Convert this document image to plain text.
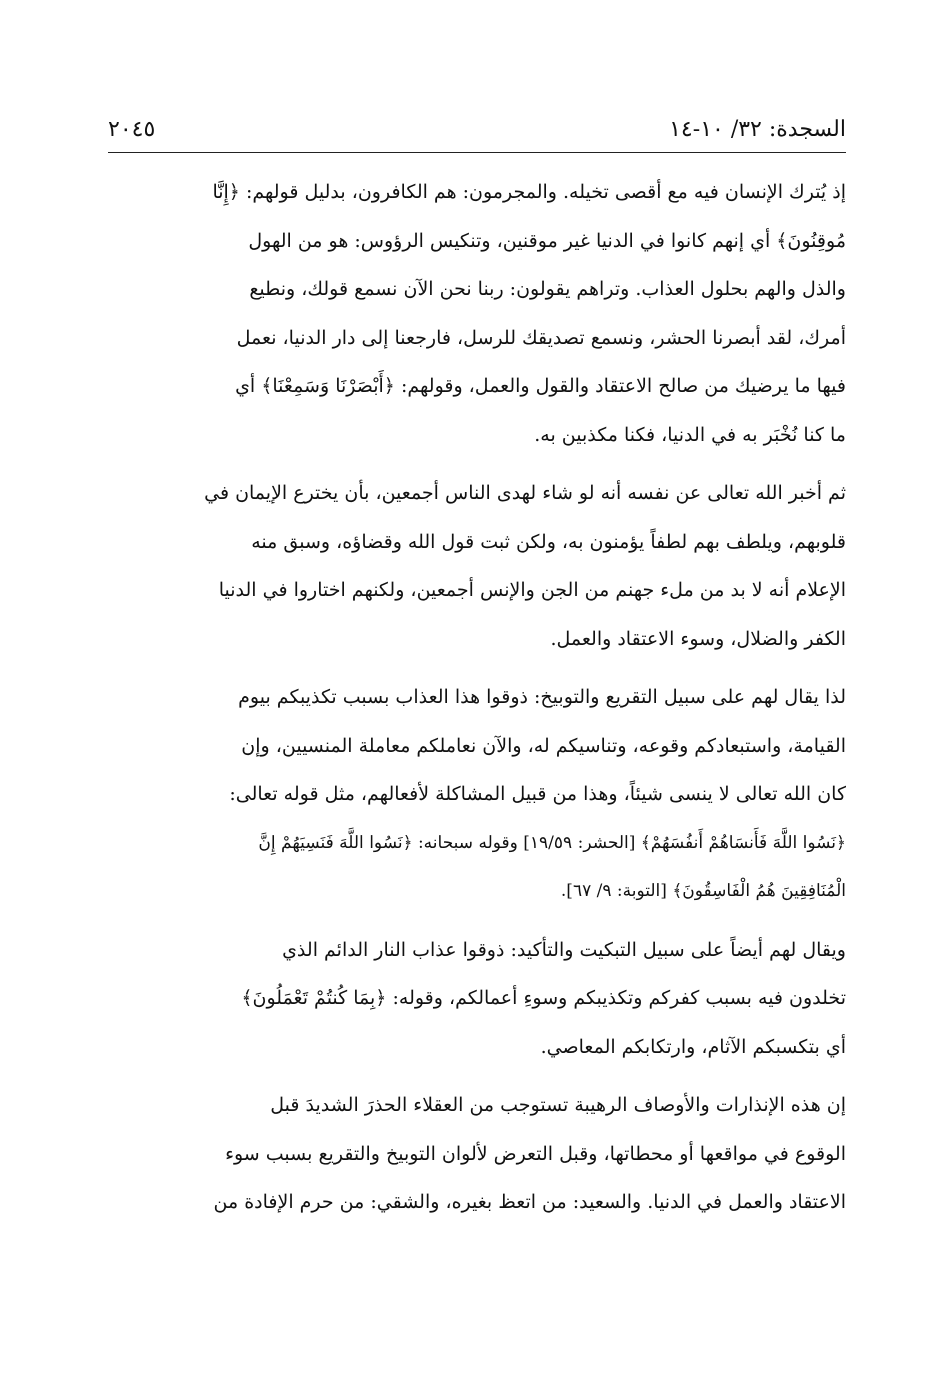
السجدة: ٣٢/ ١٠-١٤
٢٠٤٥
إذ يُترك الإنسان فيه مع أقصى تخيله. والمجرمون: هم الكافرون، بدليل قولهم: ﴿إِنَّا
مُوقِنُونَ﴾ أي إنهم كانوا في الدنيا غير موقنين، وتنكيس الرؤوس: هو من الهول
والذل والهم بحلول العذاب. وتراهم يقولون: ربنا نحن الآن نسمع قولك، ونطيع
أمرك، لقد أبصرنا الحشر، ونسمع تصديقك للرسل، فارجعنا إلى دار الدنيا، نعمل
فيها ما يرضيك من صالح الاعتقاد والقول والعمل، وقولهم: ﴿أَبْصَرْنَا وَسَمِعْنَا﴾ أي
ما كنا نُخْبَر به في الدنيا، فكنا مكذبين به.
ثم أخبر الله تعالى عن نفسه أنه لو شاء لهدى الناس أجمعين، بأن يخترع الإيمان في
قلوبهم، ويلطف بهم لطفاً يؤمنون به، ولكن ثبت قول الله وقضاؤه، وسبق منه
الإعلام أنه لا بد من ملء جهنم من الجن والإنس أجمعين، ولكنهم اختاروا في الدنيا
الكفر والضلال، وسوء الاعتقاد والعمل.
لذا يقال لهم على سبيل التقريع والتوبيخ: ذوقوا هذا العذاب بسبب تكذيبكم بيوم
القيامة، واستبعادكم وقوعه، وتناسيكم له، والآن نعاملكم معاملة المنسيين، وإن
كان الله تعالى لا ينسى شيئاً، وهذا من قبيل المشاكلة لأفعالهم، مثل قوله تعالى:
﴿نَسُوا اللَّهَ فَأَنسَاهُمْ أَنفُسَهُمْ﴾ [الحشر: ١٩/٥٩] وقوله سبحانه: ﴿نَسُوا اللَّهَ فَنَسِيَهُمْ إِنَّ
الْمُنَافِقِينَ هُمُ الْفَاسِقُونَ﴾ [التوبة: ٩/ ٦٧].
ويقال لهم أيضاً على سبيل التبكيت والتأكيد: ذوقوا عذاب النار الدائم الذي
تخلدون فيه بسبب كفركم وتكذيبكم وسوءِ أعمالكم، وقوله: ﴿بِمَا كُنتُمْ تَعْمَلُونَ﴾
أي بتكسبكم الآثام، وارتكابكم المعاصي.
إن هذه الإنذارات والأوصاف الرهيبة تستوجب من العقلاء الحذرَ الشديدَ قبل
الوقوع في مواقعها أو محطاتها، وقبل التعرض لألوان التوبيخ والتقريع بسبب سوء
الاعتقاد والعمل في الدنيا. والسعيد: من اتعظ بغيره، والشقي: من حرم الإفادة من
